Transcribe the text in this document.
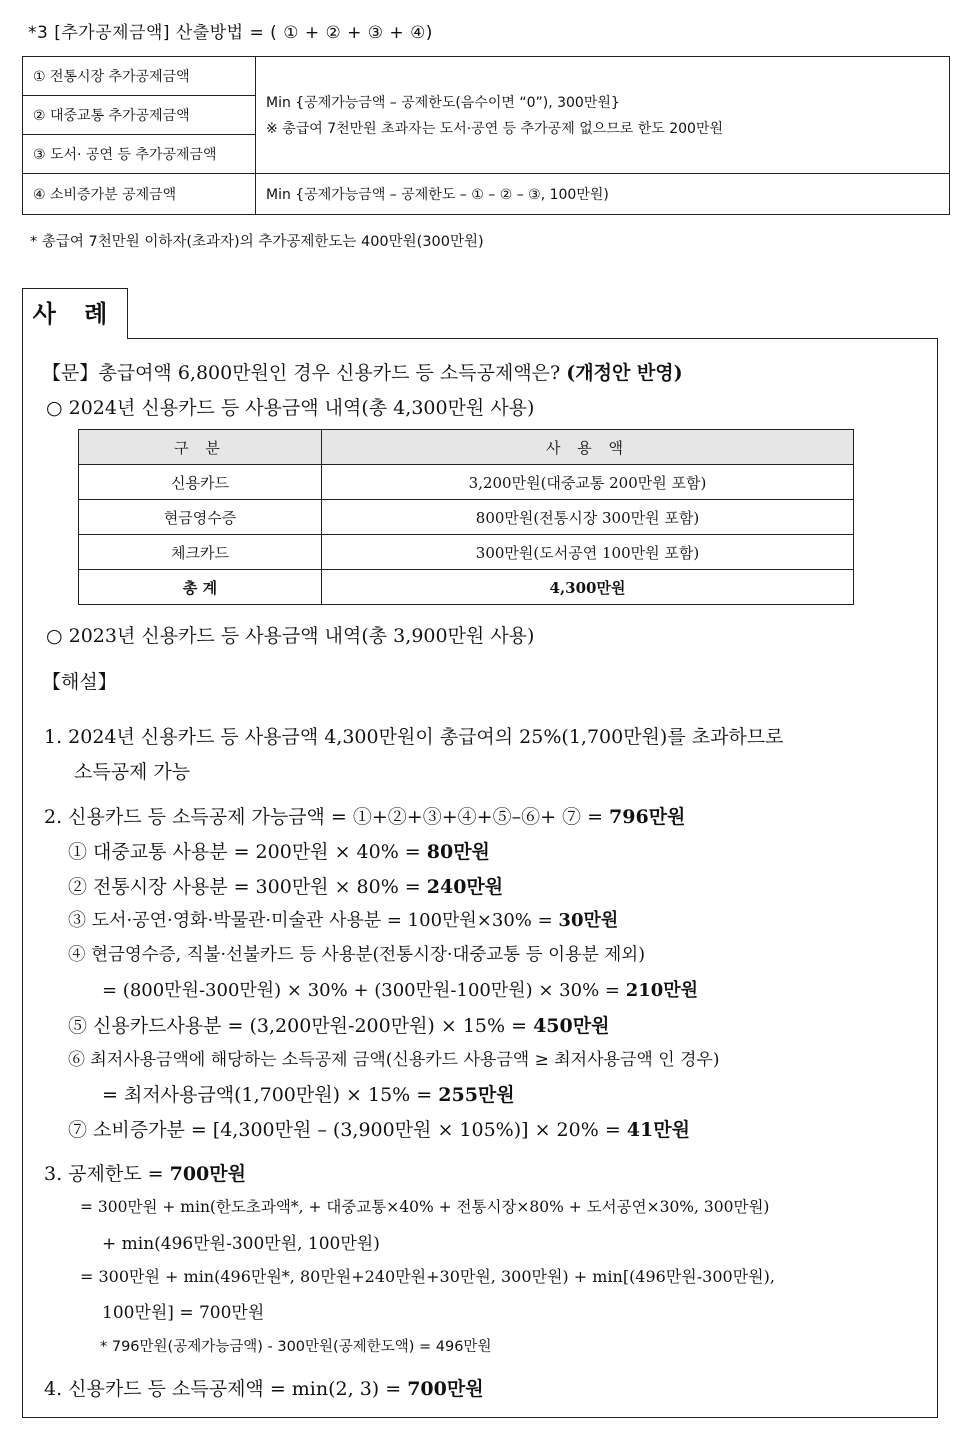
*3 [추가공제금액] 산출방법 = ( ① + ② + ③ + ④)
① 전통시장 추가공제금액	Min {공제가능금액 – 공제한도(음수이면 “0”), 300만원}
※ 총급여 7천만원 초과자는 도서·공연 등 추가공제 없으므로 한도 200만원

② 대중교통 추가공제금액	
③ 도서· 공연 등 추가공제금액	
④ 소비증가분 공제금액	Min {공제가능금액 – 공제한도 – ① – ② – ③, 100만원)
* 총급여 7천만원 이하자(초과자)의 추가공제한도는 400만원(300만원)
사 례
【문】총급여액 6,800만원인 경우 신용카드 등 소득공제액은? (개정안 반영)
○ 2024년 신용카드 등 사용금액 내역(총 4,300만원 사용)
구 분	사 용 액
신용카드	3,200만원(대중교통 200만원 포함)
현금영수증	800만원(전통시장 300만원 포함)
체크카드	300만원(도서공연 100만원 포함)
총 계	4,300만원
○ 2023년 신용카드 등 사용금액 내역(총 3,900만원 사용)
【해설】
1. 2024년 신용카드 등 사용금액 4,300만원이 총급여의 25%(1,700만원)를 초과하므로
소득공제 가능
2. 신용카드 등 소득공제 가능금액 = ①+②+③+④+⑤–⑥+ ⑦ = 796만원
① 대중교통 사용분 = 200만원 × 40% = 80만원
② 전통시장 사용분 = 300만원 × 80% = 240만원
③ 도서·공연·영화·박물관·미술관 사용분 = 100만원×30% = 30만원
④ 현금영수증, 직불·선불카드 등 사용분(전통시장·대중교통 등 이용분 제외)
= (800만원-300만원) × 30% + (300만원-100만원) × 30% = 210만원
⑤ 신용카드사용분 = (3,200만원-200만원) × 15% = 450만원
⑥ 최저사용금액에 해당하는 소득공제 금액(신용카드 사용금액 ≥ 최저사용금액 인 경우)
= 최저사용금액(1,700만원) × 15% = 255만원
⑦ 소비증가분 = [4,300만원 – (3,900만원 × 105%)] × 20% = 41만원
3. 공제한도 = 700만원
= 300만원 + min(한도초과액*, + 대중교통×40% + 전통시장×80% + 도서공연×30%, 300만원)
+ min(496만원-300만원, 100만원)
= 300만원 + min(496만원*, 80만원+240만원+30만원, 300만원) + min[(496만원-300만원),
100만원] = 700만원
* 796만원(공제가능금액) - 300만원(공제한도액) = 496만원
4. 신용카드 등 소득공제액 = min(2, 3) = 700만원
